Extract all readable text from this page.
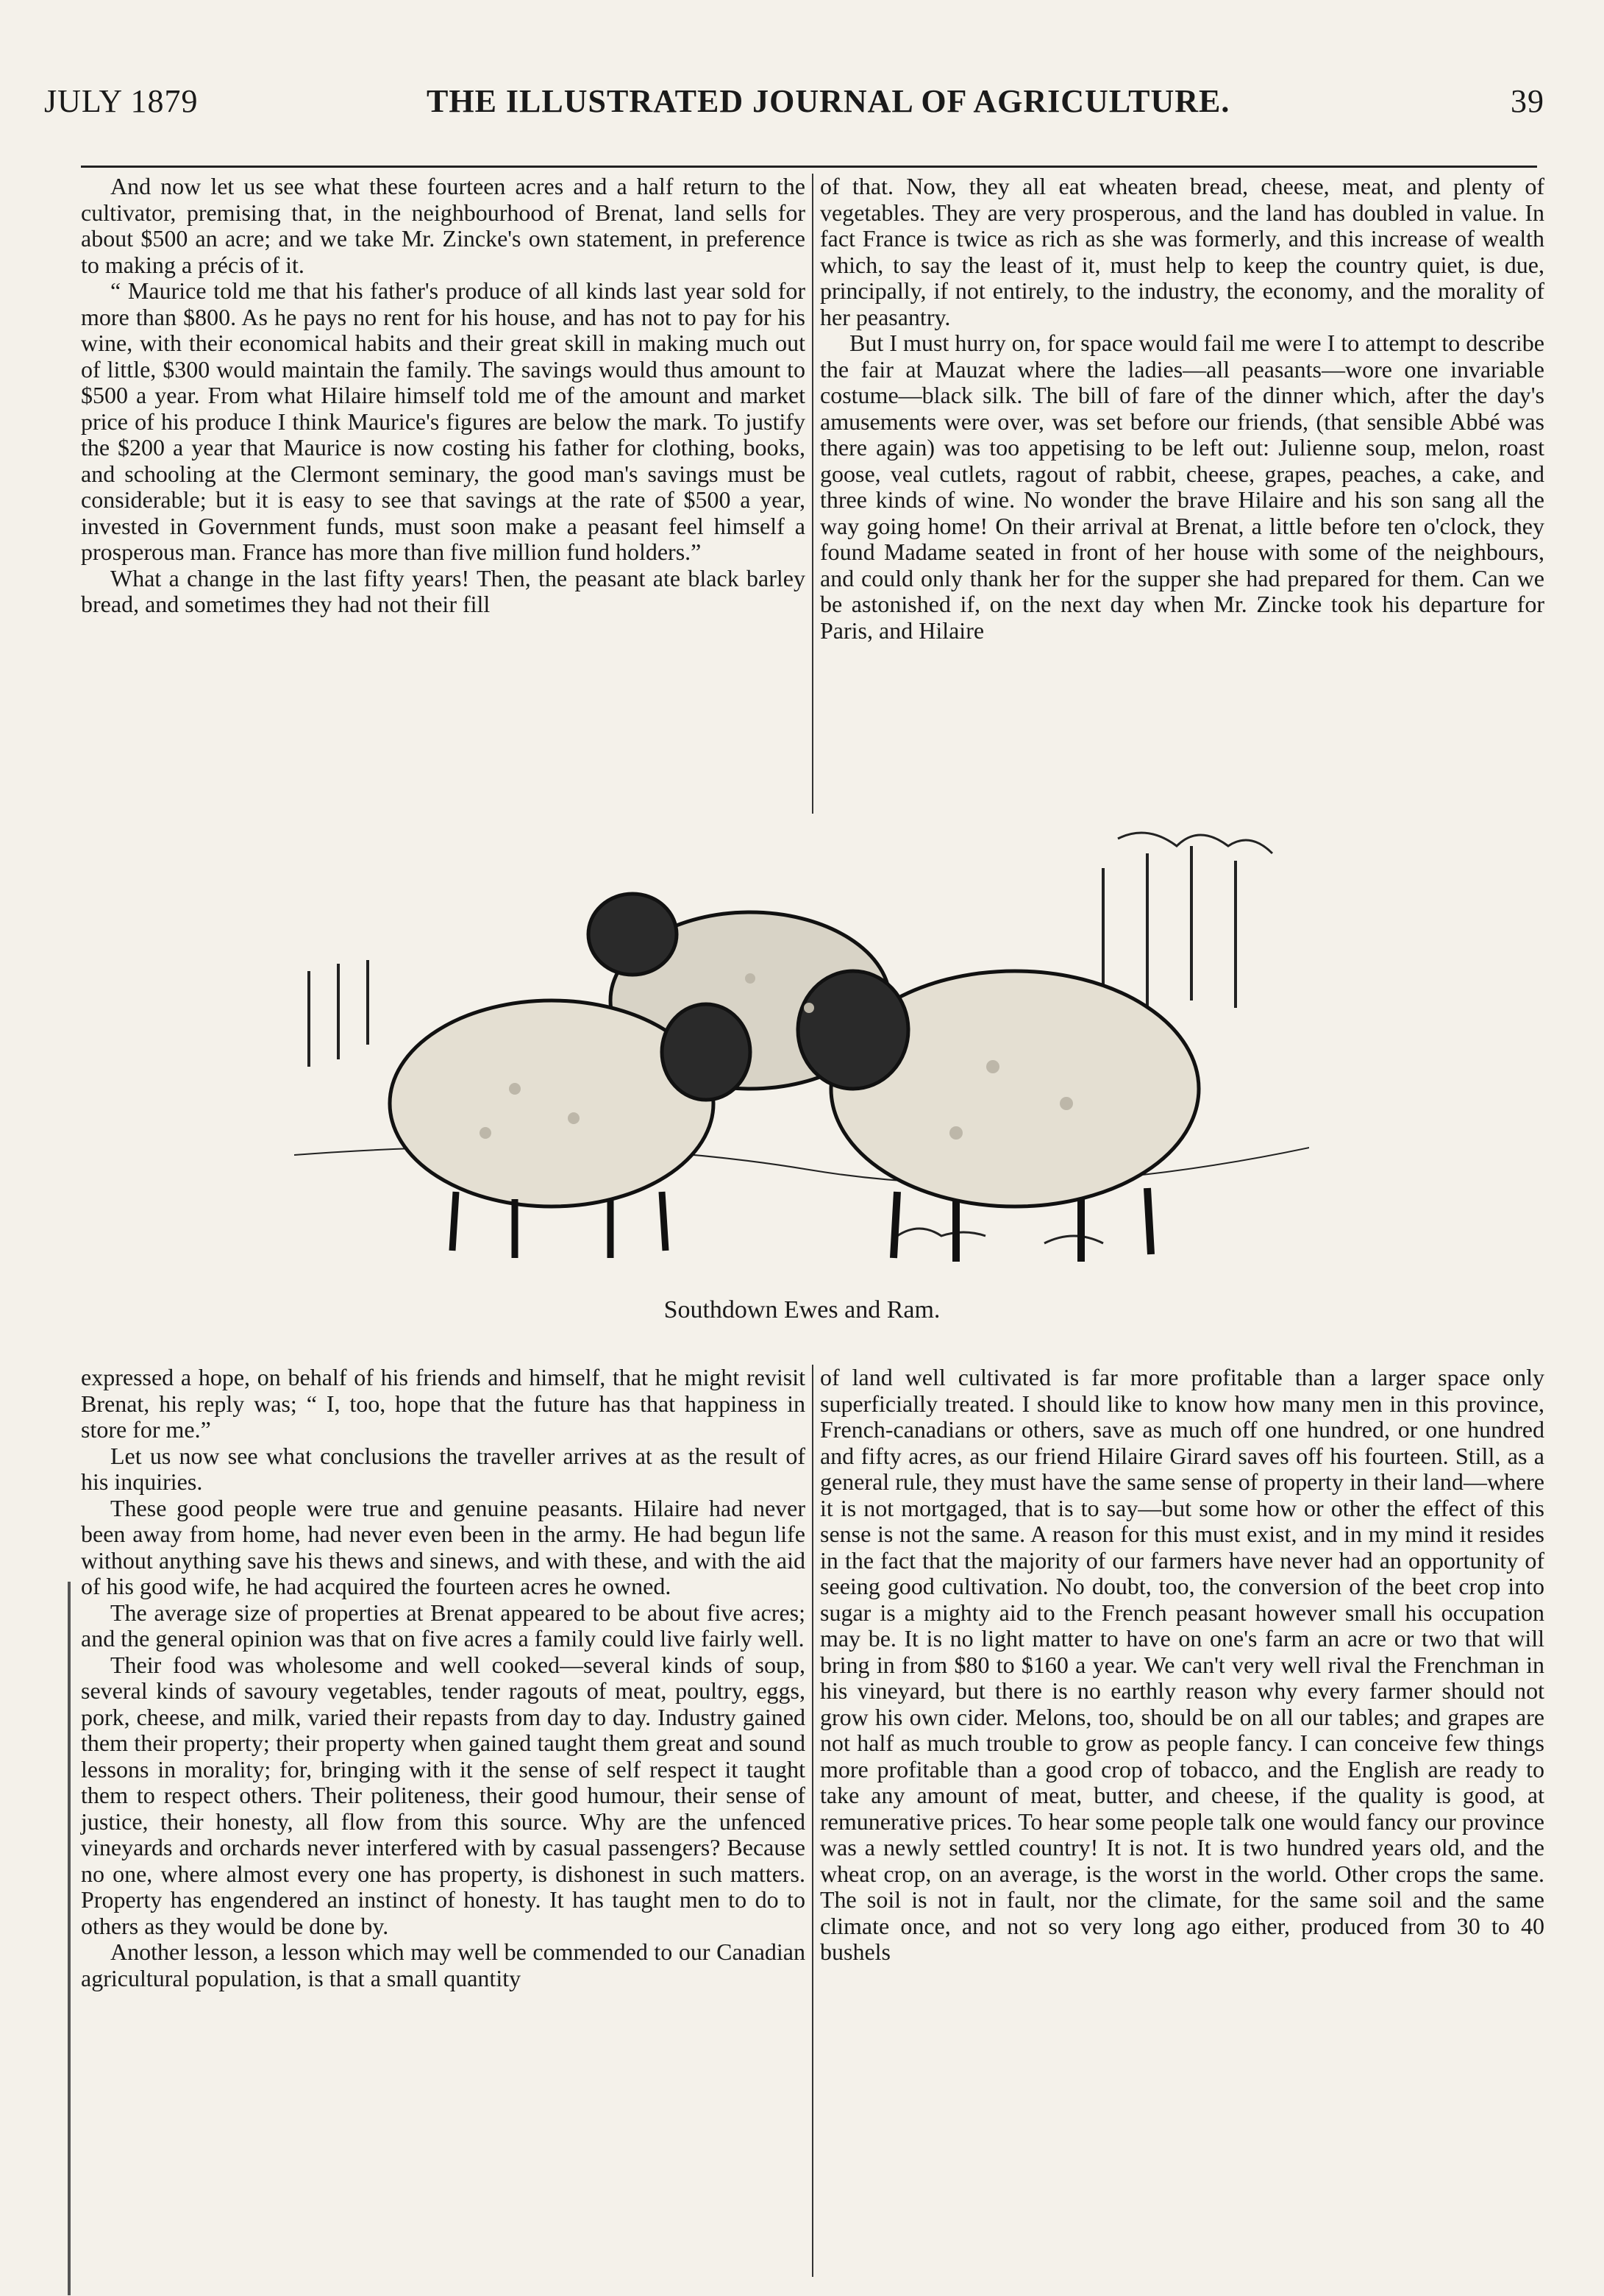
JULY 1879	THE ILLUSTRATED JOURNAL OF AGRICULTURE.	39

And now let us see what these fourteen acres and a half return to the cultivator, premising that, in the neighbourhood of Brenat, land sells for about $500 an acre; and we take Mr. Zincke's own statement, in preference to making a précis of it.

“ Maurice told me that his father's produce of all kinds last year sold for more than $800. As he pays no rent for his house, and has not to pay for his wine, with their economical habits and their great skill in making much out of little, $300 would maintain the family. The savings would thus amount to $500 a year. From what Hilaire himself told me of the amount and market price of his produce I think Maurice's figures are below the mark. To justify the $200 a year that Maurice is now costing his father for clothing, books, and schooling at the Clermont seminary, the good man's savings must be considerable; but it is easy to see that savings at the rate of $500 a year, invested in Government funds, must soon make a peasant feel himself a prosperous man. France has more than five million fund holders.”

What a change in the last fifty years! Then, the peasant ate black barley bread, and sometimes they had not their fill

of that. Now, they all eat wheaten bread, cheese, meat, and plenty of vegetables. They are very prosperous, and the land has doubled in value. In fact France is twice as rich as she was formerly, and this increase of wealth which, to say the least of it, must help to keep the country quiet, is due, principally, if not entirely, to the industry, the economy, and the morality of her peasantry.

But I must hurry on, for space would fail me were I to attempt to describe the fair at Mauzat where the ladies—all peasants—wore one invariable costume—black silk. The bill of fare of the dinner which, after the day's amusements were over, was set before our friends, (that sensible Abbé was there again) was too appetising to be left out: Julienne soup, melon, roast goose, veal cutlets, ragout of rabbit, cheese, grapes, peaches, a cake, and three kinds of wine. No wonder the brave Hilaire and his son sang all the way going home! On their arrival at Brenat, a little before ten o'clock, they found Madame seated in front of her house with some of the neighbours, and could only thank her for the supper she had prepared for them. Can we be astonished if, on the next day when Mr. Zincke took his departure for Paris, and Hilaire

Southdown Ewes and Ram.

expressed a hope, on behalf of his friends and himself, that he might revisit Brenat, his reply was; “ I, too, hope that the future has that happiness in store for me.”

Let us now see what conclusions the traveller arrives at as the result of his inquiries.

These good people were true and genuine peasants. Hilaire had never been away from home, had never even been in the army. He had begun life without anything save his thews and sinews, and with these, and with the aid of his good wife, he had acquired the fourteen acres he owned.

The average size of properties at Brenat appeared to be about five acres; and the general opinion was that on five acres a family could live fairly well.

Their food was wholesome and well cooked—several kinds of soup, several kinds of savoury vegetables, tender ragouts of meat, poultry, eggs, pork, cheese, and milk, varied their repasts from day to day. Industry gained them their property; their property when gained taught them great and sound lessons in morality; for, bringing with it the sense of self respect it taught them to respect others. Their politeness, their good humour, their sense of justice, their honesty, all flow from this source. Why are the unfenced vineyards and orchards never interfered with by casual passengers? Because no one, where almost every one has property, is dishonest in such matters. Property has engendered an instinct of honesty. It has taught men to do to others as they would be done by.

Another lesson, a lesson which may well be commended to our Canadian agricultural population, is that a small quantity

of land well cultivated is far more profitable than a larger space only superficially treated. I should like to know how many men in this province, French-canadians or others, save as much off one hundred, or one hundred and fifty acres, as our friend Hilaire Girard saves off his fourteen. Still, as a general rule, they must have the same sense of property in their land—where it is not mortgaged, that is to say—but some how or other the effect of this sense is not the same. A reason for this must exist, and in my mind it resides in the fact that the majority of our farmers have never had an opportunity of seeing good cultivation. No doubt, too, the conversion of the beet crop into sugar is a mighty aid to the French peasant however small his occupation may be. It is no light matter to have on one's farm an acre or two that will bring in from $80 to $160 a year. We can't very well rival the Frenchman in his vineyard, but there is no earthly reason why every farmer should not grow his own cider. Melons, too, should be on all our tables; and grapes are not half as much trouble to grow as people fancy. I can conceive few things more profitable than a good crop of tobacco, and the English are ready to take any amount of meat, butter, and cheese, if the quality is good, at remunerative prices. To hear some people talk one would fancy our province was a newly settled country! It is not. It is two hundred years old, and the wheat crop, on an average, is the worst in the world. Other crops the same. The soil is not in fault, nor the climate, for the same soil and the same climate once, and not so very long ago either, produced from 30 to 40 bushels
